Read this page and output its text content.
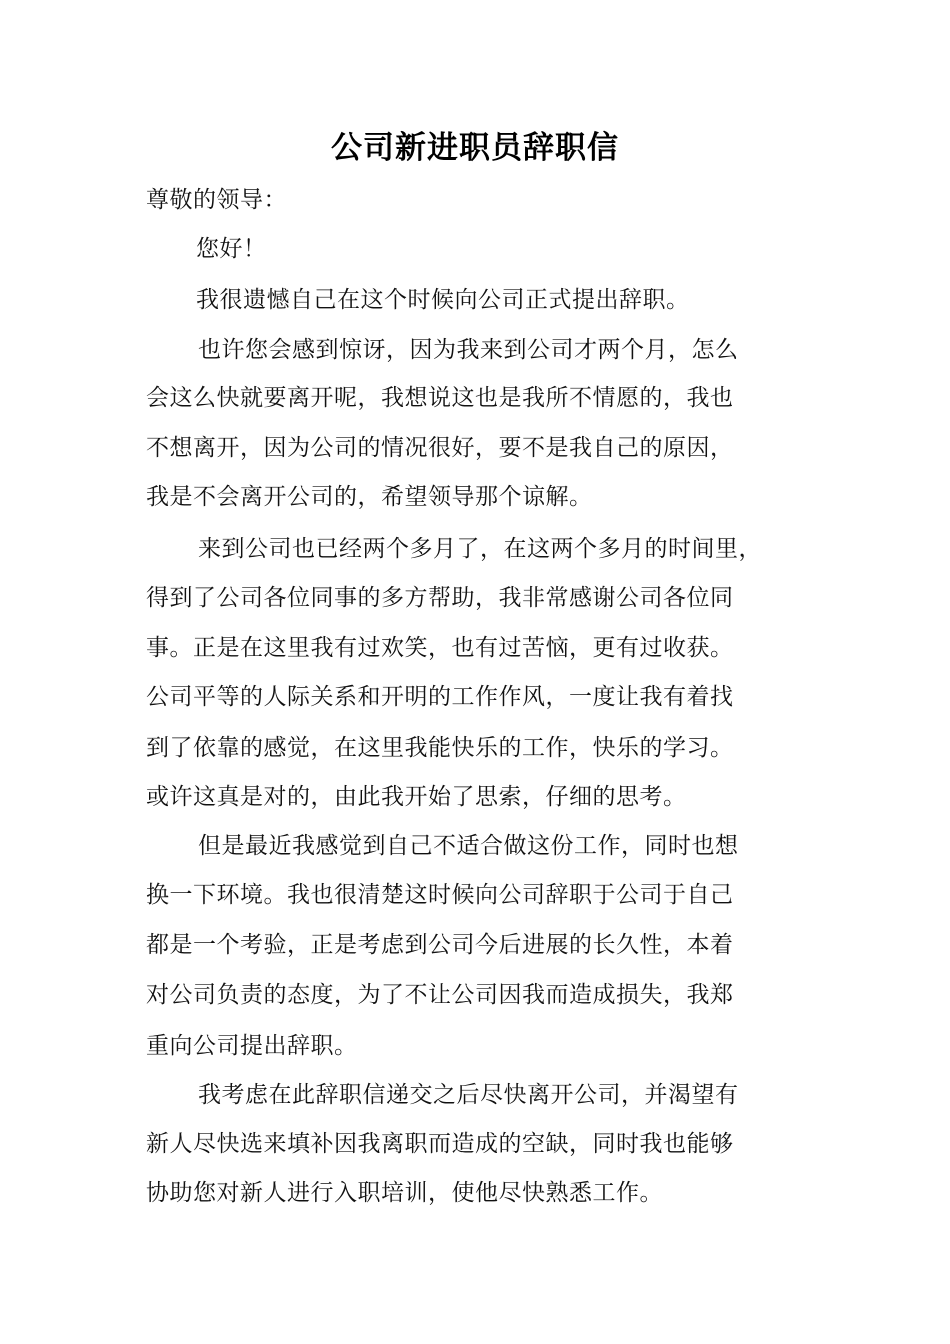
公司新进职员辞职信
尊敬的领导：
您好！
我很遗憾自己在这个时候向公司正式提出辞职。
也许您会感到惊讶，因为我来到公司才两个月，怎么
会这么快就要离开呢，我想说这也是我所不情愿的，我也
不想离开，因为公司的情况很好，要不是我自己的原因，
我是不会离开公司的，希望领导那个谅解。
来到公司也已经两个多月了，在这两个多月的时间里，
得到了公司各位同事的多方帮助，我非常感谢公司各位同
事。正是在这里我有过欢笑，也有过苦恼，更有过收获。
公司平等的人际关系和开明的工作作风，一度让我有着找
到了依靠的感觉，在这里我能快乐的工作，快乐的学习。
或许这真是对的，由此我开始了思索，仔细的思考。
但是最近我感觉到自己不适合做这份工作，同时也想
换一下环境。我也很清楚这时候向公司辞职于公司于自己
都是一个考验，正是考虑到公司今后进展的长久性，本着
对公司负责的态度，为了不让公司因我而造成损失，我郑
重向公司提出辞职。
我考虑在此辞职信递交之后尽快离开公司，并渴望有
新人尽快选来填补因我离职而造成的空缺，同时我也能够
协助您对新人进行入职培训，使他尽快熟悉工作。
